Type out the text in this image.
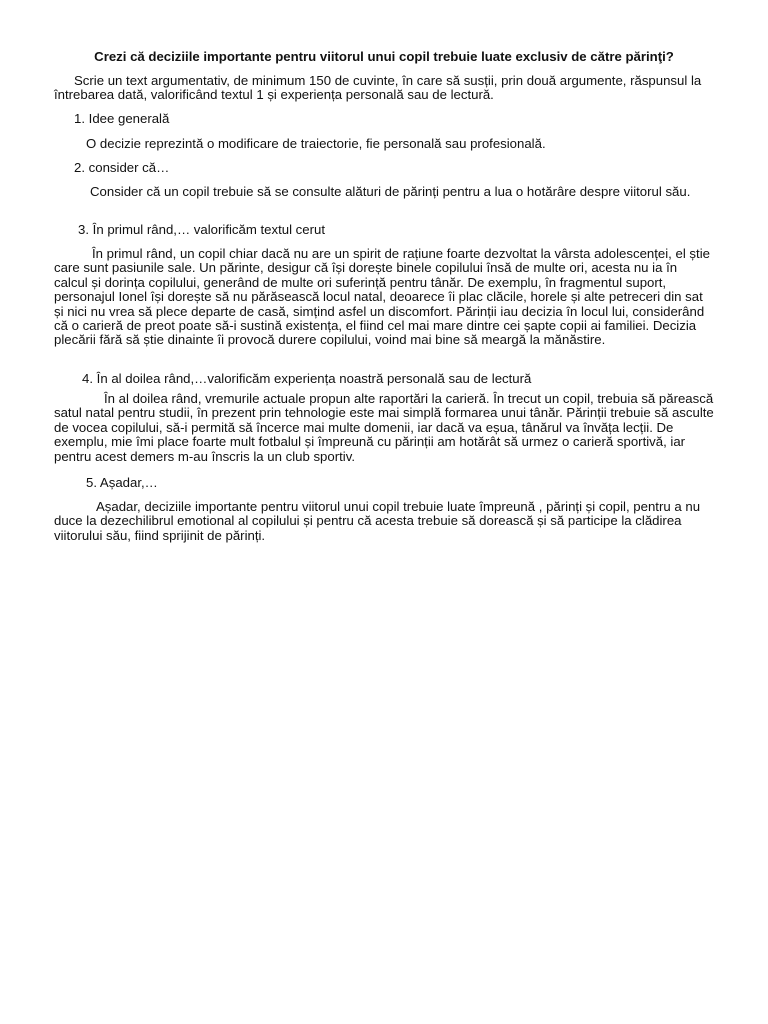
Crezi că deciziile importante pentru viitorul unui copil trebuie luate exclusiv de către părinţi?
Scrie un text argumentativ, de minimum 150 de cuvinte, în care să susții, prin două argumente, răspunsul la întrebarea dată, valorificând textul 1 și experiența personală sau de lectură.
1. Idee generală
O decizie reprezintă o modificare de traiectorie, fie personală sau profesională.
2. consider că…
Consider că un copil trebuie să se consulte alături de părinți pentru a lua o hotărâre despre viitorul său.
3. În primul rând,… valorificăm textul cerut
În primul rând, un copil chiar dacă nu are un spirit de rațiune foarte dezvoltat la vârsta adolescenței, el știe care sunt pasiunile sale. Un părinte, desigur că își dorește binele copilului însă de multe ori, acesta nu ia în calcul și dorința copilului, generând de multe ori suferință pentru tânăr. De exemplu, în fragmentul suport, personajul Ionel își dorește să nu părăsească locul natal, deoarece îi plac clăcile, horele și alte petreceri din sat și nici nu vrea să plece departe de casă, simțind asfel un discomfort. Părinții iau decizia în locul lui, considerând că o carieră de preot poate să-i sustină existența, el fiind cel mai mare dintre cei șapte copii ai familiei. Decizia plecării fără să știe dinainte îi provocă durere copilului, voind mai bine să meargă la mănăstire.
4. În al doilea rând,…valorificăm experiența noastră personală sau de lectură
În al doilea rând, vremurile actuale propun alte raportări la carieră. În trecut un copil, trebuia să părească satul natal pentru studii, în prezent prin tehnologie este mai simplă formarea unui tânăr. Părinții trebuie să asculte de vocea copilului, să-i permită să încerce mai multe domenii, iar dacă va eșua, tânărul va învăța lecții. De exemplu, mie îmi place foarte mult fotbalul și împreună cu părinții am hotărât să urmez o carieră sportivă, iar pentru acest demers m-au înscris la un club sportiv.
5. Așadar,…
Așadar, deciziile importante pentru viitorul unui copil trebuie luate împreună , părinți și copil, pentru a nu duce la dezechilibrul emotional al copilului și pentru că acesta trebuie să dorească și să participe la clădirea viitorului său, fiind sprijinit de părinți.
